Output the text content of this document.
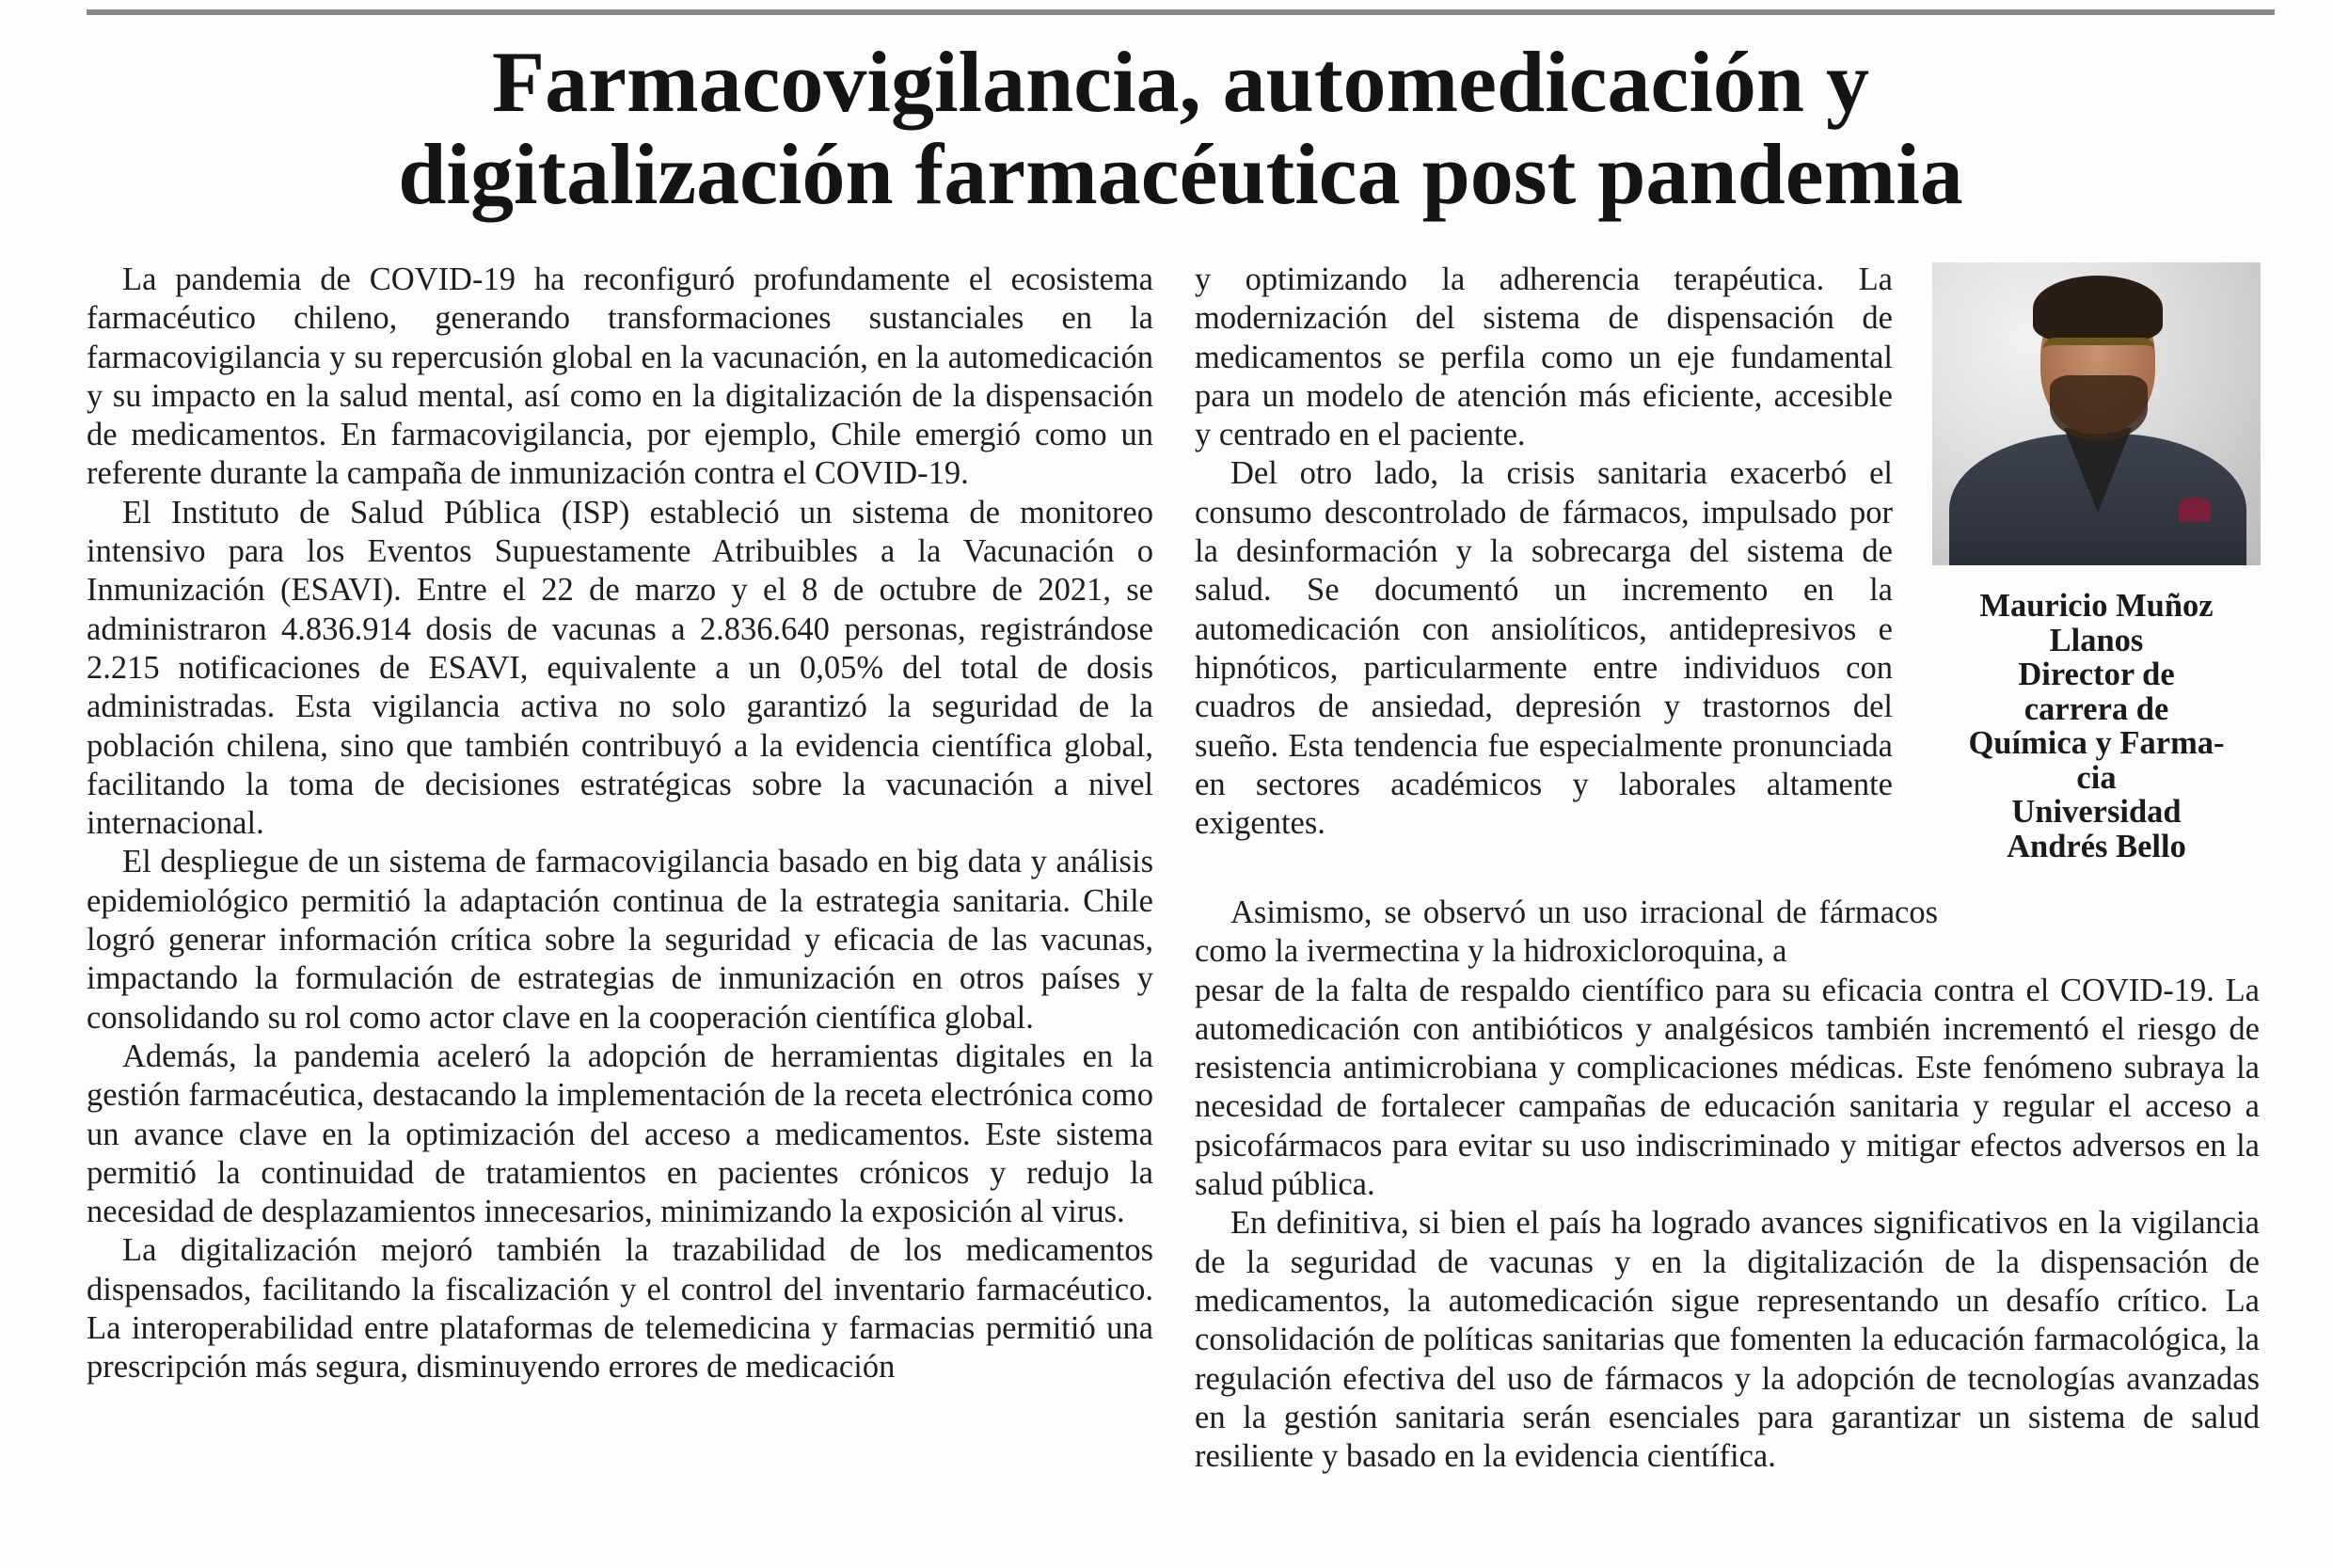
Farmacovigilancia, automedicación y
digitalización farmacéutica post pandemia

La pandemia de COVID-19 ha reconfiguró profundamente el ecosistema farmacéutico chileno, generando transformaciones sustanciales en la farmacovigilancia y su repercusión global en la vacunación, en la automedicación y su impacto en la salud mental, así como en la digitalización de la dispensación de medicamentos. En farmacovigilancia, por ejemplo, Chile emergió como un referente durante la campaña de inmunización contra el COVID-19.

El Instituto de Salud Pública (ISP) estableció un sistema de monitoreo intensivo para los Eventos Supuestamente Atribuibles a la Vacunación o Inmunización (ESAVI). Entre el 22 de marzo y el 8 de octubre de 2021, se administraron 4.836.914 dosis de vacunas a 2.836.640 personas, registrándose 2.215 notificaciones de ESAVI, equivalente a un 0,05% del total de dosis administradas. Esta vigilancia activa no solo garantizó la seguridad de la población chilena, sino que también contribuyó a la evidencia científica global, facilitando la toma de decisiones estratégicas sobre la vacunación a nivel internacional.

El despliegue de un sistema de farmacovigilancia basado en big data y análisis epidemiológico permitió la adaptación continua de la estrategia sanitaria. Chile logró generar información crítica sobre la seguridad y eficacia de las vacunas, impactando la formulación de estrategias de inmunización en otros países y consolidando su rol como actor clave en la cooperación científica global.

Además, la pandemia aceleró la adopción de herramientas digitales en la gestión farmacéutica, destacando la implementación de la receta electrónica como un avance clave en la optimización del acceso a medicamentos. Este sistema permitió la continuidad de tratamientos en pacientes crónicos y redujo la necesidad de desplazamientos innecesarios, minimizando la exposición al virus.

La digitalización mejoró también la trazabilidad de los medicamentos dispensados, facilitando la fiscalización y el control del inventario farmacéutico. La interoperabilidad entre plataformas de telemedicina y farmacias permitió una prescripción más segura, disminuyendo errores de medicación

y optimizando la adherencia terapéutica. La modernización del sistema de dispensación de medicamentos se perfila como un eje fundamental para un modelo de atención más eficiente, accesible y centrado en el paciente.

Del otro lado, la crisis sanitaria exacerbó el consumo descontrolado de fármacos, impulsado por la desinformación y la sobrecarga del sistema de salud. Se documentó un incremento en la automedicación con ansiolíticos, antidepresivos e hipnóticos, particularmente entre individuos con cuadros de ansiedad, depresión y trastornos del sueño. Esta tendencia fue especialmente pronunciada en sectores académicos y laborales altamente exigentes.

Mauricio Muñoz
Llanos
Director de
carrera de
Química y Farma-
cia
Universidad
Andrés Bello

Asimismo, se observó un uso irracional de fármacos como la ivermectina y la hidroxicloroquina, a

pesar de la falta de respaldo científico para su eficacia contra el COVID-19. La automedicación con antibióticos y analgésicos también incrementó el riesgo de resistencia antimicrobiana y complicaciones médicas. Este fenómeno subraya la necesidad de fortalecer campañas de educación sanitaria y regular el acceso a psicofármacos para evitar su uso indiscriminado y mitigar efectos adversos en la salud pública.

En definitiva, si bien el país ha logrado avances significativos en la vigilancia de la seguridad de vacunas y en la digitalización de la dispensación de medicamentos, la automedicación sigue representando un desafío crítico. La consolidación de políticas sanitarias que fomenten la educación farmacológica, la regulación efectiva del uso de fármacos y la adopción de tecnologías avanzadas en la gestión sanitaria serán esenciales para garantizar un sistema de salud resiliente y basado en la evidencia científica.
